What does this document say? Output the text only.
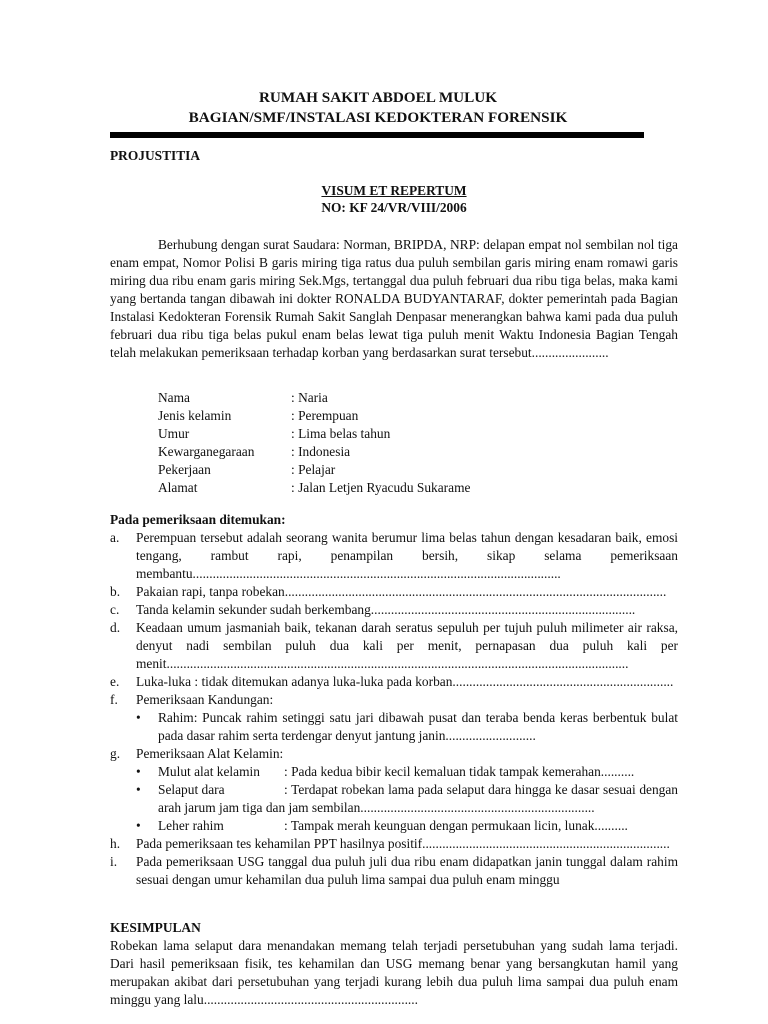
RUMAH SAKIT ABDOEL MULUK
BAGIAN/SMF/INSTALASI KEDOKTERAN FORENSIK
PROJUSTITIA
VISUM ET REPERTUM
NO: KF 24/VR/VIII/2006

Berhubung dengan surat Saudara: Norman, BRIPDA, NRP: delapan empat nol sembilan nol tiga enam empat, Nomor Polisi B garis miring tiga ratus dua puluh sembilan garis miring enam romawi garis miring dua ribu enam garis miring Sek.Mgs, tertanggal dua puluh februari dua ribu tiga belas, maka kami yang bertanda tangan dibawah ini dokter RONALDA BUDYANTARAF, dokter pemerintah pada Bagian Instalasi Kedokteran Forensik Rumah Sakit Sanglah Denpasar menerangkan bahwa kami pada dua puluh februari dua ribu tiga belas pukul enam belas lewat tiga puluh menit Waktu Indonesia Bagian Tengah telah melakukan pemeriksaan terhadap korban yang berdasarkan surat tersebut.......................

Nama	: Naria
Jenis kelamin	: Perempuan
Umur	: Lima belas tahun
Kewarganegaraan	: Indonesia
Pekerjaan	: Pelajar
Alamat	: Jalan Letjen Ryacudu Sukarame
Pada pemeriksaan ditemukan:
a. Perempuan tersebut adalah seorang wanita berumur lima belas tahun dengan kesadaran baik, emosi tengang, rambut rapi, penampilan bersih, sikap selama pemeriksaan membantu..............................................................................................................
b. Pakaian rapi, tanpa robekan..................................................................................................................
c. Tanda kelamin sekunder sudah berkembang...............................................................................
d. Keadaan umum jasmaniah baik, tekanan darah seratus sepuluh per tujuh puluh milimeter air raksa, denyut nadi sembilan puluh dua kali per menit, pernapasan dua puluh kali per menit..........................................................................................................................................
e. Luka-luka : tidak ditemukan adanya luka-luka pada korban..................................................................
f. Pemeriksaan Kandungan:
• Rahim: Puncak rahim setinggi satu jari dibawah pusat dan teraba benda keras berbentuk bulat pada dasar rahim serta terdengar denyut jantung janin...........................
g. Pemeriksaan Alat Kelamin:
• Mulut alat kelamin : Pada kedua bibir kecil kemaluan tidak tampak kemerahan..........
• Selaput dara	: Terdapat robekan lama pada selaput dara hingga ke dasar sesuai dengan arah jarum jam tiga dan jam sembilan......................................................................
• Leher rahim	: Tampak merah keunguan dengan permukaan licin, lunak..........
h. Pada pemeriksaan tes kehamilan PPT hasilnya positif..........................................................................
i. Pada pemeriksaan USG tanggal dua puluh juli dua ribu enam didapatkan janin tunggal dalam rahim sesuai dengan umur kehamilan dua puluh lima sampai dua puluh enam minggu
KESIMPULAN

Robekan lama selaput dara menandakan memang telah terjadi persetubuhan yang sudah lama terjadi. Dari hasil pemeriksaan fisik, tes kehamilan dan USG memang benar yang bersangkutan hamil yang merupakan akibat dari persetubuhan yang terjadi kurang lebih dua puluh lima sampai dua puluh enam minggu yang lalu................................................................
